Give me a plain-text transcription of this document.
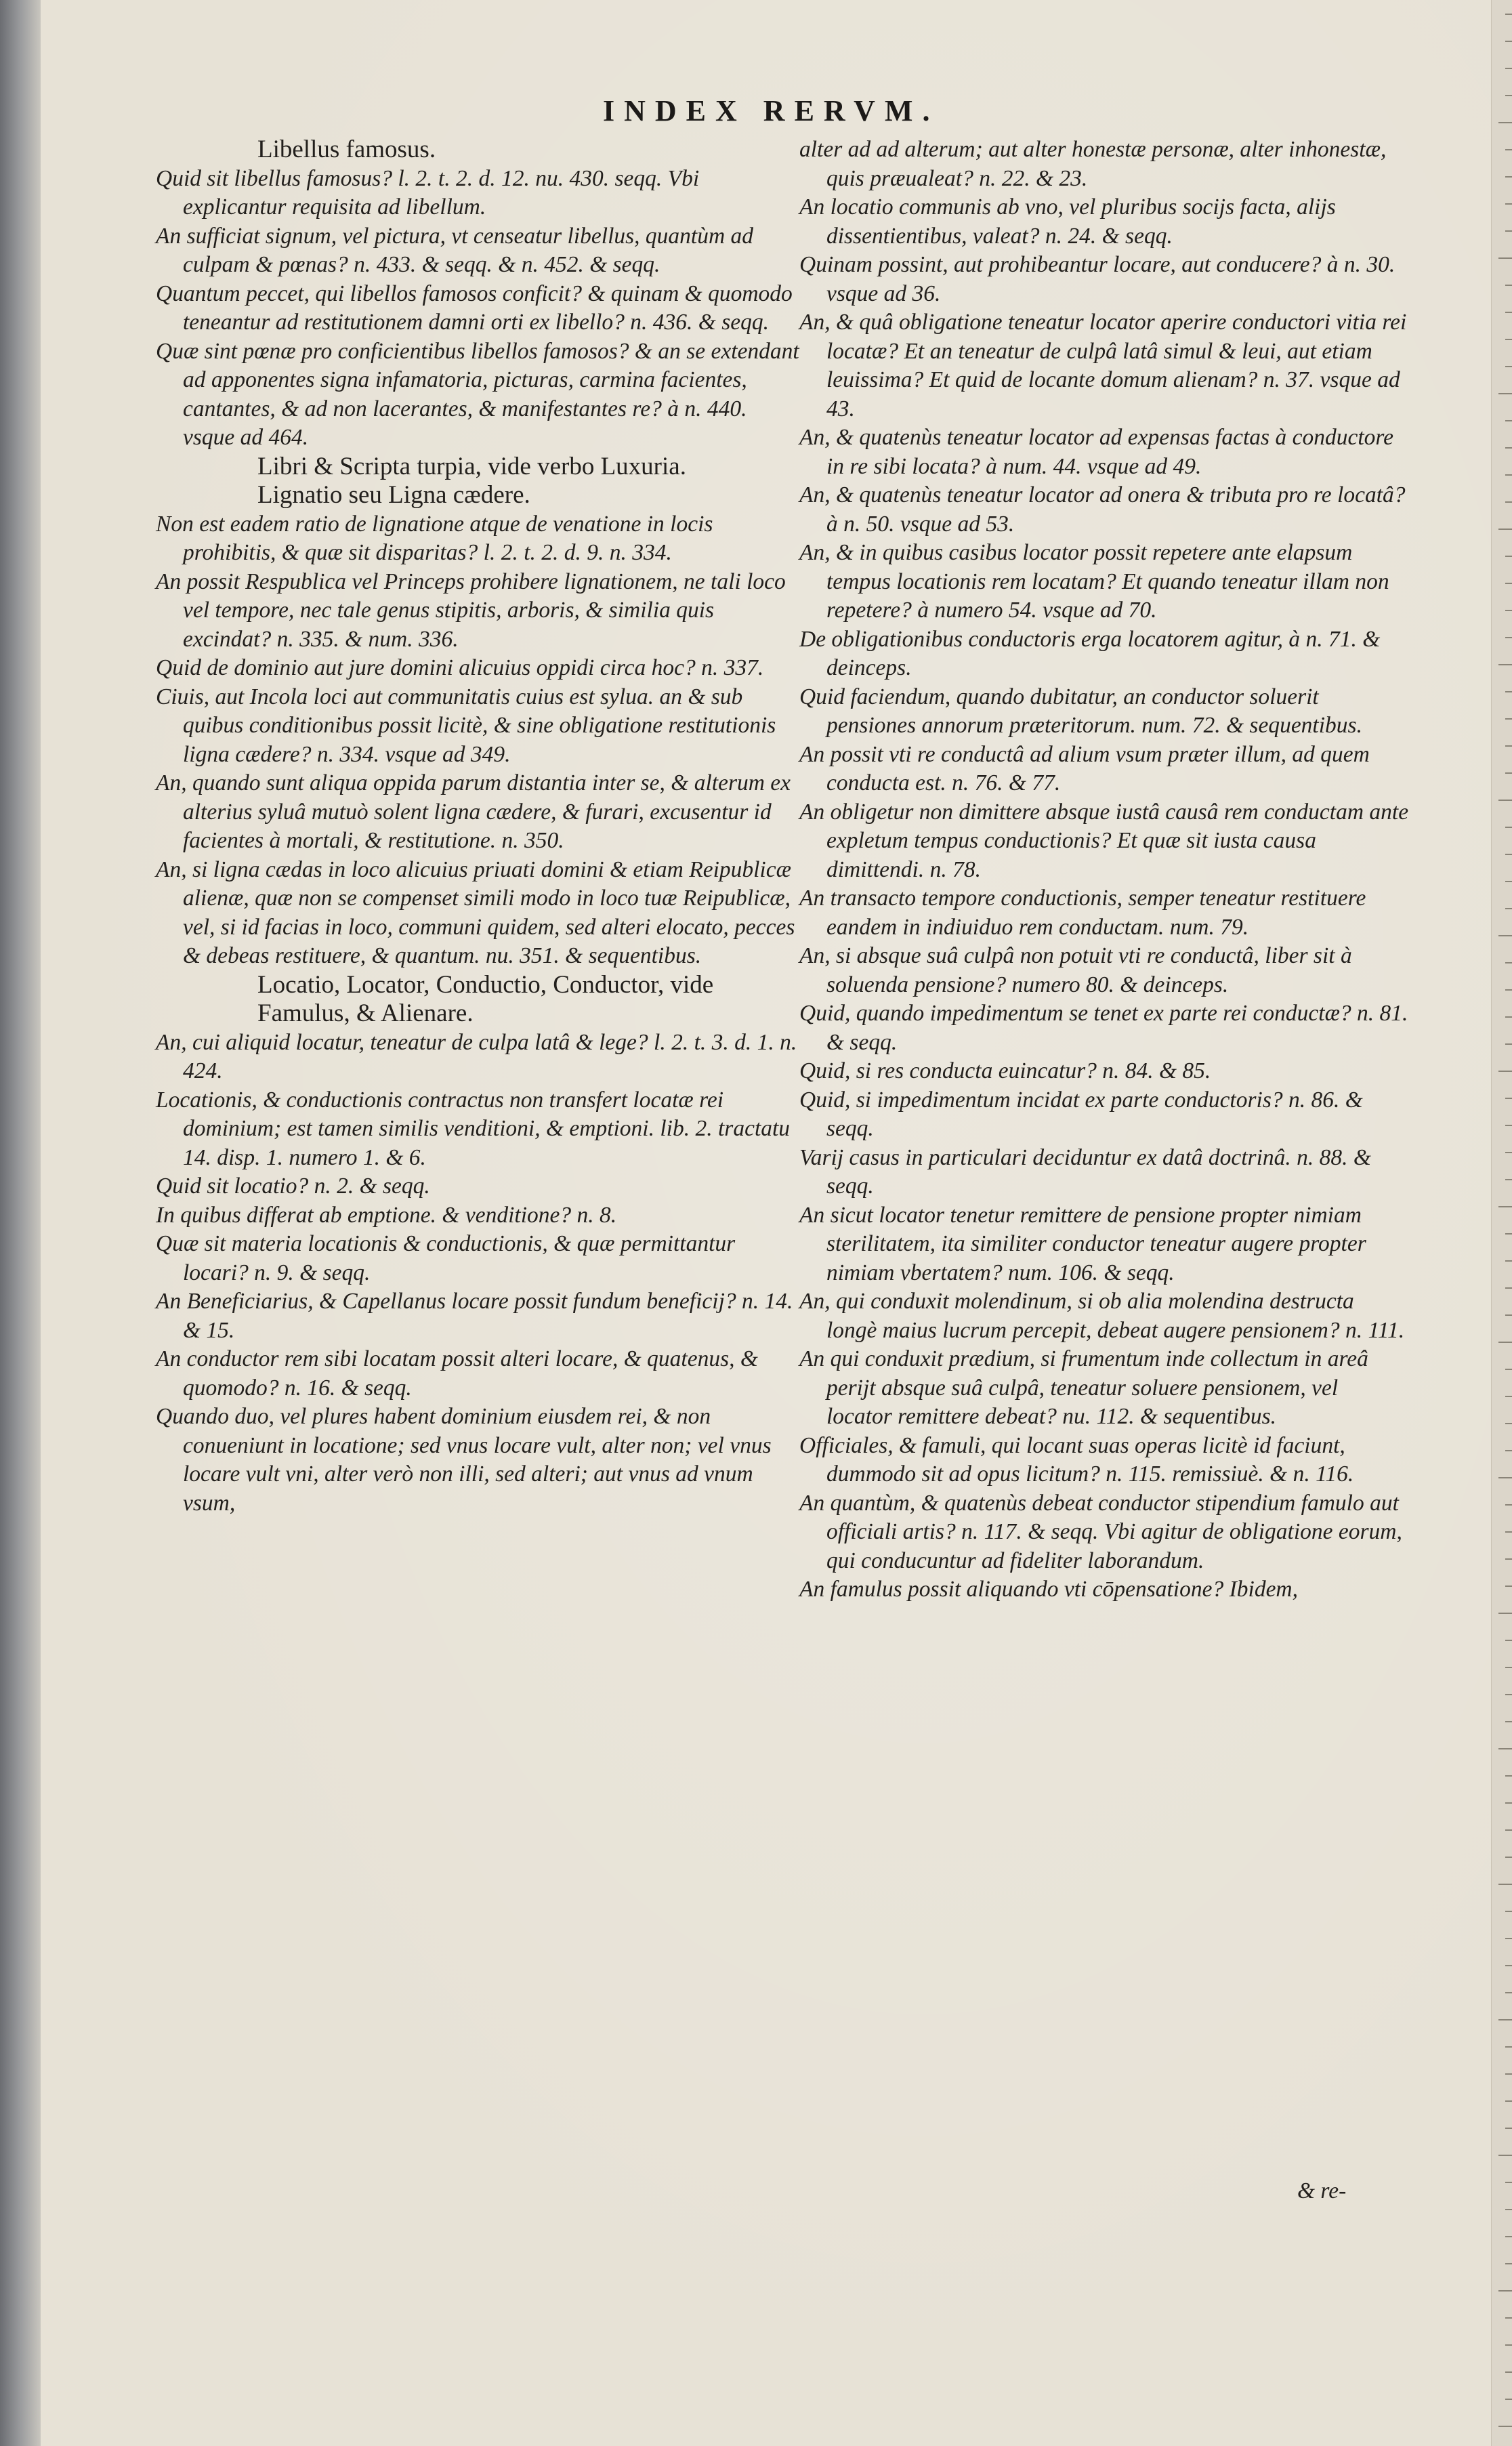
INDEX RERVM.

Libellus famosus.

Quid sit libellus famosus? l. 2. t. 2. d. 12. nu. 430. seqq. Vbi explicantur requisita ad libellum.

An sufficiat signum, vel pictura, vt censeatur libellus, quantùm ad culpam & pœnas? n. 433. & seqq. & n. 452. & seqq.

Quantum peccet, qui libellos famosos conficit? & quinam & quomodo teneantur ad restitutionem damni orti ex libello? n. 436. & seqq.

Quæ sint pœnæ pro conficientibus libellos famosos? & an se extendant ad apponentes signa infamatoria, picturas, carmina facientes, cantantes, & ad non lacerantes, & manifestantes re? à n. 440. vsque ad 464.

Libri & Scripta turpia, vide verbo Luxuria.

Lignatio seu Ligna cædere.

Non est eadem ratio de lignatione atque de venatione in locis prohibitis, & quæ sit disparitas? l. 2. t. 2. d. 9. n. 334.

An possit Respublica vel Princeps prohibere lignationem, ne tali loco vel tempore, nec tale genus stipitis, arboris, & similia quis excindat? n. 335. & num. 336.

Quid de dominio aut jure domini alicuius oppidi circa hoc? n. 337.

Ciuis, aut Incola loci aut communitatis cuius est sylua. an & sub quibus conditionibus possit licitè, & sine obligatione restitutionis ligna cædere? n. 334. vsque ad 349.

An, quando sunt aliqua oppida parum distantia inter se, & alterum ex alterius syluâ mutuò solent ligna cædere, & furari, excusentur id facientes à mortali, & restitutione. n. 350.

An, si ligna cædas in loco alicuius priuati domini & etiam Reipublicæ alienæ, quæ non se compenset simili modo in loco tuæ Reipublicæ, vel, si id facias in loco, communi quidem, sed alteri elocato, pecces & debeas restituere, & quantum. nu. 351. & sequentibus.

Locatio, Locator, Conductio, Conductor, vide Famulus, & Alienare.

An, cui aliquid locatur, teneatur de culpa latâ & lege? l. 2. t. 3. d. 1. n. 424.

Locationis, & conductionis contractus non transfert locatæ rei dominium; est tamen similis venditioni, & emptioni. lib. 2. tractatu 14. disp. 1. numero 1. & 6.

Quid sit locatio? n. 2. & seqq.

In quibus differat ab emptione. & venditione? n. 8.

Quæ sit materia locationis & conductionis, & quæ permittantur locari? n. 9. & seqq.

An Beneficiarius, & Capellanus locare possit fundum beneficij? n. 14. & 15.

An conductor rem sibi locatam possit alteri locare, & quatenus, & quomodo? n. 16. & seqq.

Quando duo, vel plures habent dominium eiusdem rei, & non conueniunt in locatione; sed vnus locare vult, alter non; vel vnus locare vult vni, alter verò non illi, sed alteri; aut vnus ad vnum vsum,

alter ad ad alterum; aut alter honestæ personæ, alter inhonestæ, quis præualeat? n. 22. & 23.

An locatio communis ab vno, vel pluribus socijs facta, alijs dissentientibus, valeat? n. 24. & seqq.

Quinam possint, aut prohibeantur locare, aut conducere? à n. 30. vsque ad 36.

An, & quâ obligatione teneatur locator aperire conductori vitia rei locatæ? Et an teneatur de culpâ latâ simul & leui, aut etiam leuissima? Et quid de locante domum alienam? n. 37. vsque ad 43.

An, & quatenùs teneatur locator ad expensas factas à conductore in re sibi locata? à num. 44. vsque ad 49.

An, & quatenùs teneatur locator ad onera & tributa pro re locatâ? à n. 50. vsque ad 53.

An, & in quibus casibus locator possit repetere ante elapsum tempus locationis rem locatam? Et quando teneatur illam non repetere? à numero 54. vsque ad 70.

De obligationibus conductoris erga locatorem agitur, à n. 71. & deinceps.

Quid faciendum, quando dubitatur, an conductor soluerit pensiones annorum præteritorum. num. 72. & sequentibus.

An possit vti re conductâ ad alium vsum præter illum, ad quem conducta est. n. 76. & 77.

An obligetur non dimittere absque iustâ causâ rem conductam ante expletum tempus conductionis? Et quæ sit iusta causa dimittendi. n. 78.

An transacto tempore conductionis, semper teneatur restituere eandem in indiuiduo rem conductam. num. 79.

An, si absque suâ culpâ non potuit vti re conductâ, liber sit à soluenda pensione? numero 80. & deinceps.

Quid, quando impedimentum se tenet ex parte rei conductæ? n. 81. & seqq.

Quid, si res conducta euincatur? n. 84. & 85.

Quid, si impedimentum incidat ex parte conductoris? n. 86. & seqq.

Varij casus in particulari deciduntur ex datâ doctrinâ. n. 88. & seqq.

An sicut locator tenetur remittere de pensione propter nimiam sterilitatem, ita similiter conductor teneatur augere propter nimiam vbertatem? num. 106. & seqq.

An, qui conduxit molendinum, si ob alia molendina destructa longè maius lucrum percepit, debeat augere pensionem? n. 111.

An qui conduxit prædium, si frumentum inde collectum in areâ perijt absque suâ culpâ, teneatur soluere pensionem, vel locator remittere debeat? nu. 112. & sequentibus.

Officiales, & famuli, qui locant suas operas licitè id faciunt, dummodo sit ad opus licitum? n. 115. remissiuè. & n. 116.

An quantùm, & quatenùs debeat conductor stipendium famulo aut officiali artis? n. 117. & seqq. Vbi agitur de obligatione eorum, qui conducuntur ad fideliter laborandum.

An famulus possit aliquando vti cōpensatione? Ibidem,

& re-
